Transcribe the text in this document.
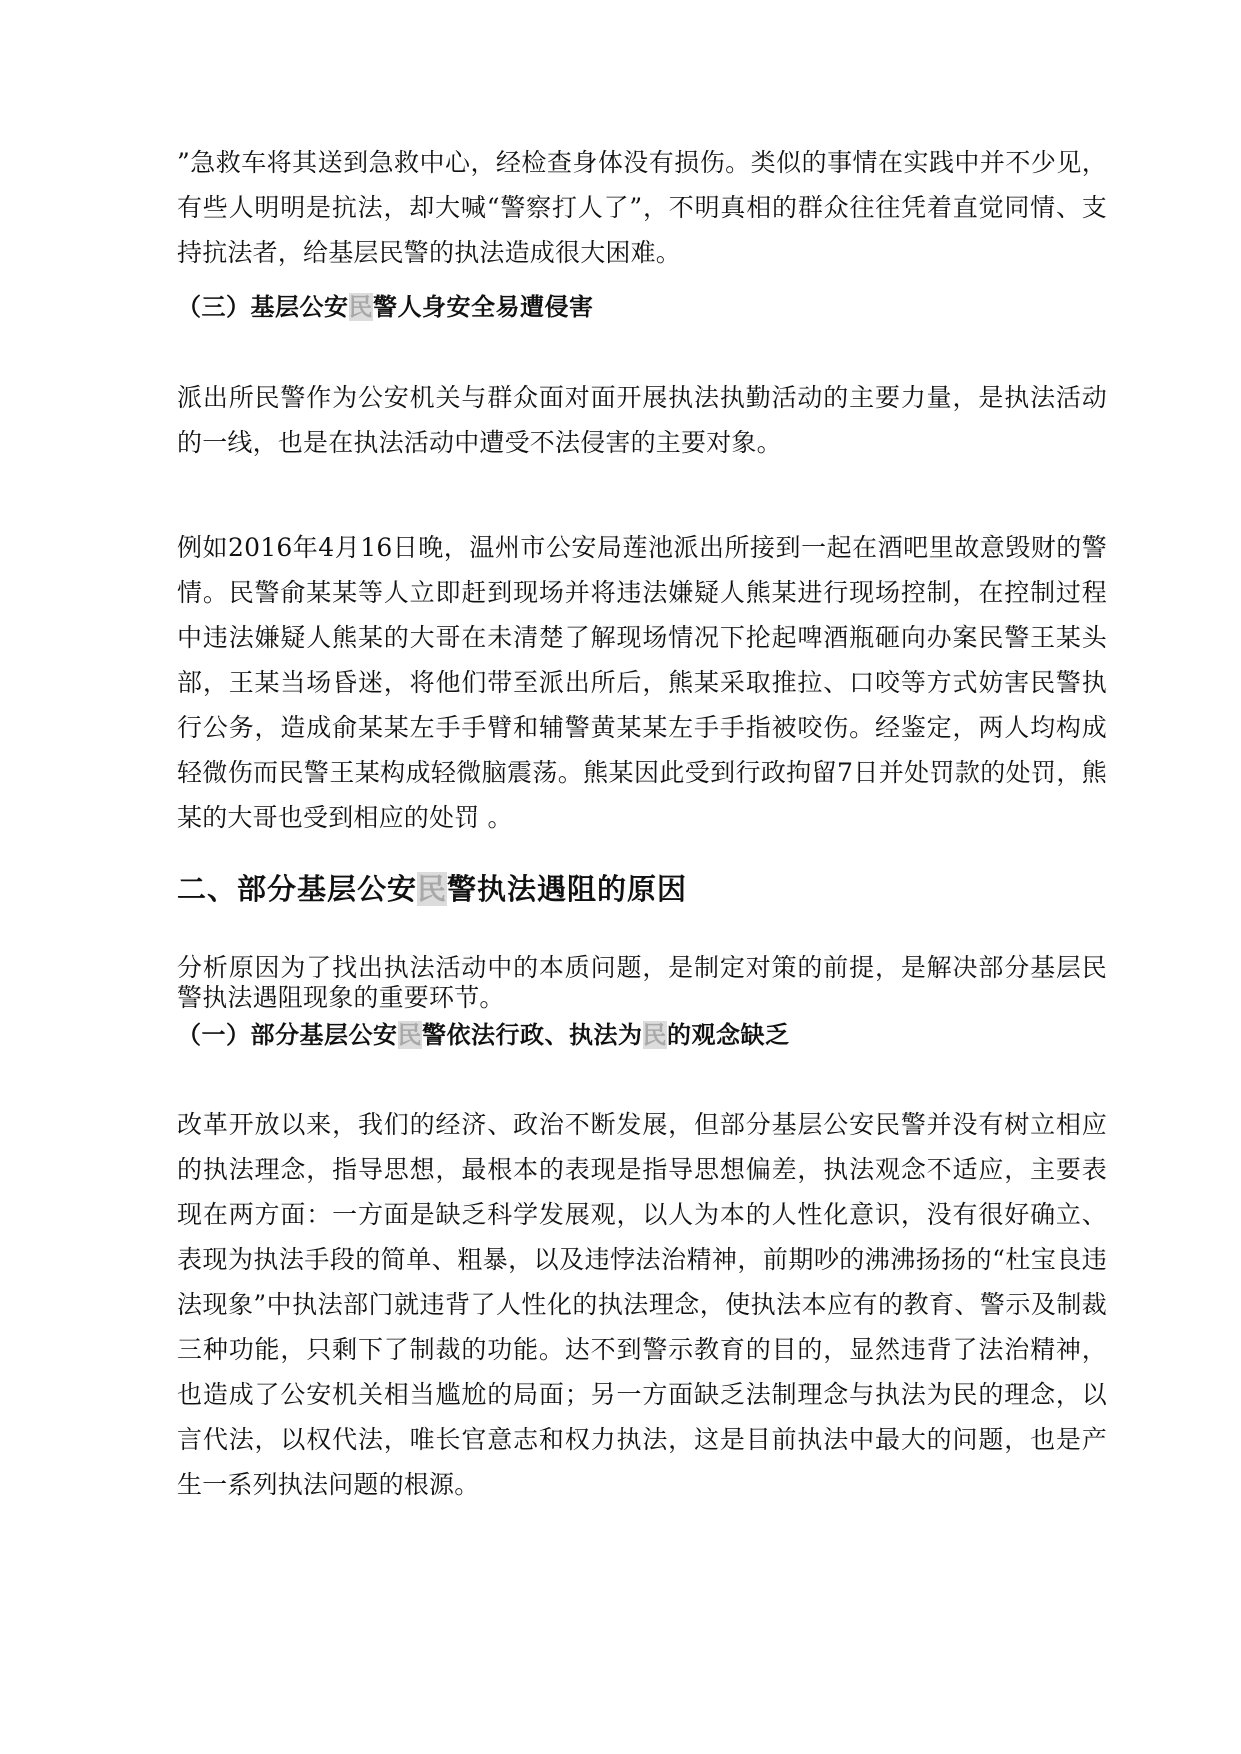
”急救车将其送到急救中心，经检查身体没有损伤。类似的事情在实践中并不少见，有些人明明是抗法，却大喊“警察打人了”，不明真相的群众往往凭着直觉同情、支持抗法者，给基层民警的执法造成很大困难。
（三）基层公安民警人身安全易遭侵害
派出所民警作为公安机关与群众面对面开展执法执勤活动的主要力量，是执法活动的一线，也是在执法活动中遭受不法侵害的主要对象。
例如2016年4月16日晚，温州市公安局莲池派出所接到一起在酒吧里故意毁财的警情。民警俞某某等人立即赶到现场并将违法嫌疑人熊某进行现场控制，在控制过程中违法嫌疑人熊某的大哥在未清楚了解现场情况下抡起啤酒瓶砸向办案民警王某头部，王某当场昏迷，将他们带至派出所后，熊某采取推拉、口咬等方式妨害民警执行公务，造成俞某某左手手臂和辅警黄某某左手手指被咬伤。经鉴定，两人均构成轻微伤而民警王某构成轻微脑震荡。熊某因此受到行政拘留7日并处罚款的处罚，熊某的大哥也受到相应的处罚 。
二、部分基层公安民警执法遇阻的原因
分析原因为了找出执法活动中的本质问题，是制定对策的前提，是解决部分基层民警执法遇阻现象的重要环节。
（一）部分基层公安民警依法行政、执法为民的观念缺乏
改革开放以来，我们的经济、政治不断发展，但部分基层公安民警并没有树立相应的执法理念，指导思想，最根本的表现是指导思想偏差，执法观念不适应，主要表现在两方面：一方面是缺乏科学发展观，以人为本的人性化意识，没有很好确立、表现为执法手段的简单、粗暴，以及违悖法治精神，前期吵的沸沸扬扬的“杜宝良违法现象”中执法部门就违背了人性化的执法理念，使执法本应有的教育、警示及制裁三种功能，只剩下了制裁的功能。达不到警示教育的目的，显然违背了法治精神，也造成了公安机关相当尴尬的局面；另一方面缺乏法制理念与执法为民的理念，以言代法，以权代法，唯长官意志和权力执法，这是目前执法中最大的问题，也是产生一系列执法问题的根源。
